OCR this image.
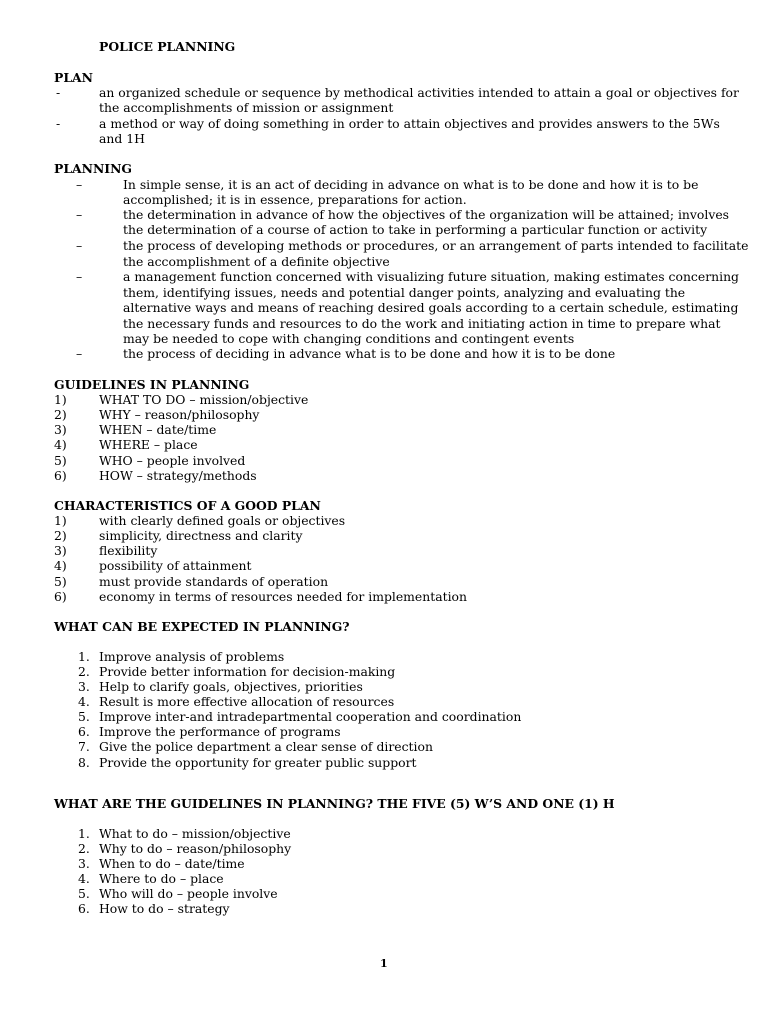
POLICE PLANNING
PLAN
-	an organized schedule or sequence by methodical activities intended to attain a goal or objectives for
the accomplishments of mission or assignment
-	a method or way of doing something in order to attain objectives and provides answers to the 5Ws
and 1H
PLANNING
–	In simple sense, it is an act of deciding in advance on what is to be done and how it is to be
accomplished; it is in essence, preparations for action.
–	the determination in advance of how the objectives of the organization will be attained; involves
the determination of a course of action to take in performing a particular function or activity
–	the process of developing methods or procedures, or an arrangement of parts intended to facilitate
the accomplishment of a definite objective
–	a management function concerned with visualizing future situation, making estimates concerning
them, identifying issues, needs and potential danger points, analyzing and evaluating the
alternative ways and means of reaching desired goals according to a certain schedule, estimating
the necessary funds and resources to do the work and initiating action in time to prepare what
may be needed to cope with changing conditions and contingent events
–	the process of deciding in advance what is to be done and how it is to be done
GUIDELINES IN PLANNING
1)	WHAT TO DO – mission/objective
2)	WHY – reason/philosophy
3)	WHEN – date/time
4)	WHERE – place
5)	WHO – people involved
6)	HOW – strategy/methods
CHARACTERISTICS OF A GOOD PLAN
1)	with clearly defined goals or objectives
2)	simplicity, directness and clarity
3)	flexibility
4)	possibility of attainment
5)	must provide standards of operation
6)	economy in terms of resources needed for implementation
WHAT CAN BE EXPECTED IN PLANNING?
1. Improve analysis of problems
2. Provide better information for decision-making
3. Help to clarify goals, objectives, priorities
4. Result is more effective allocation of resources
5. Improve inter-and intradepartmental cooperation and coordination
6. Improve the performance of programs
7. Give the police department a clear sense of direction
8. Provide the opportunity for greater public support
WHAT ARE THE GUIDELINES IN PLANNING? THE FIVE (5) W’S AND ONE (1) H
1. What to do – mission/objective
2. Why to do – reason/philosophy
3. When to do – date/time
4. Where to do – place
5. Who will do – people involve
6. How to do – strategy
1
